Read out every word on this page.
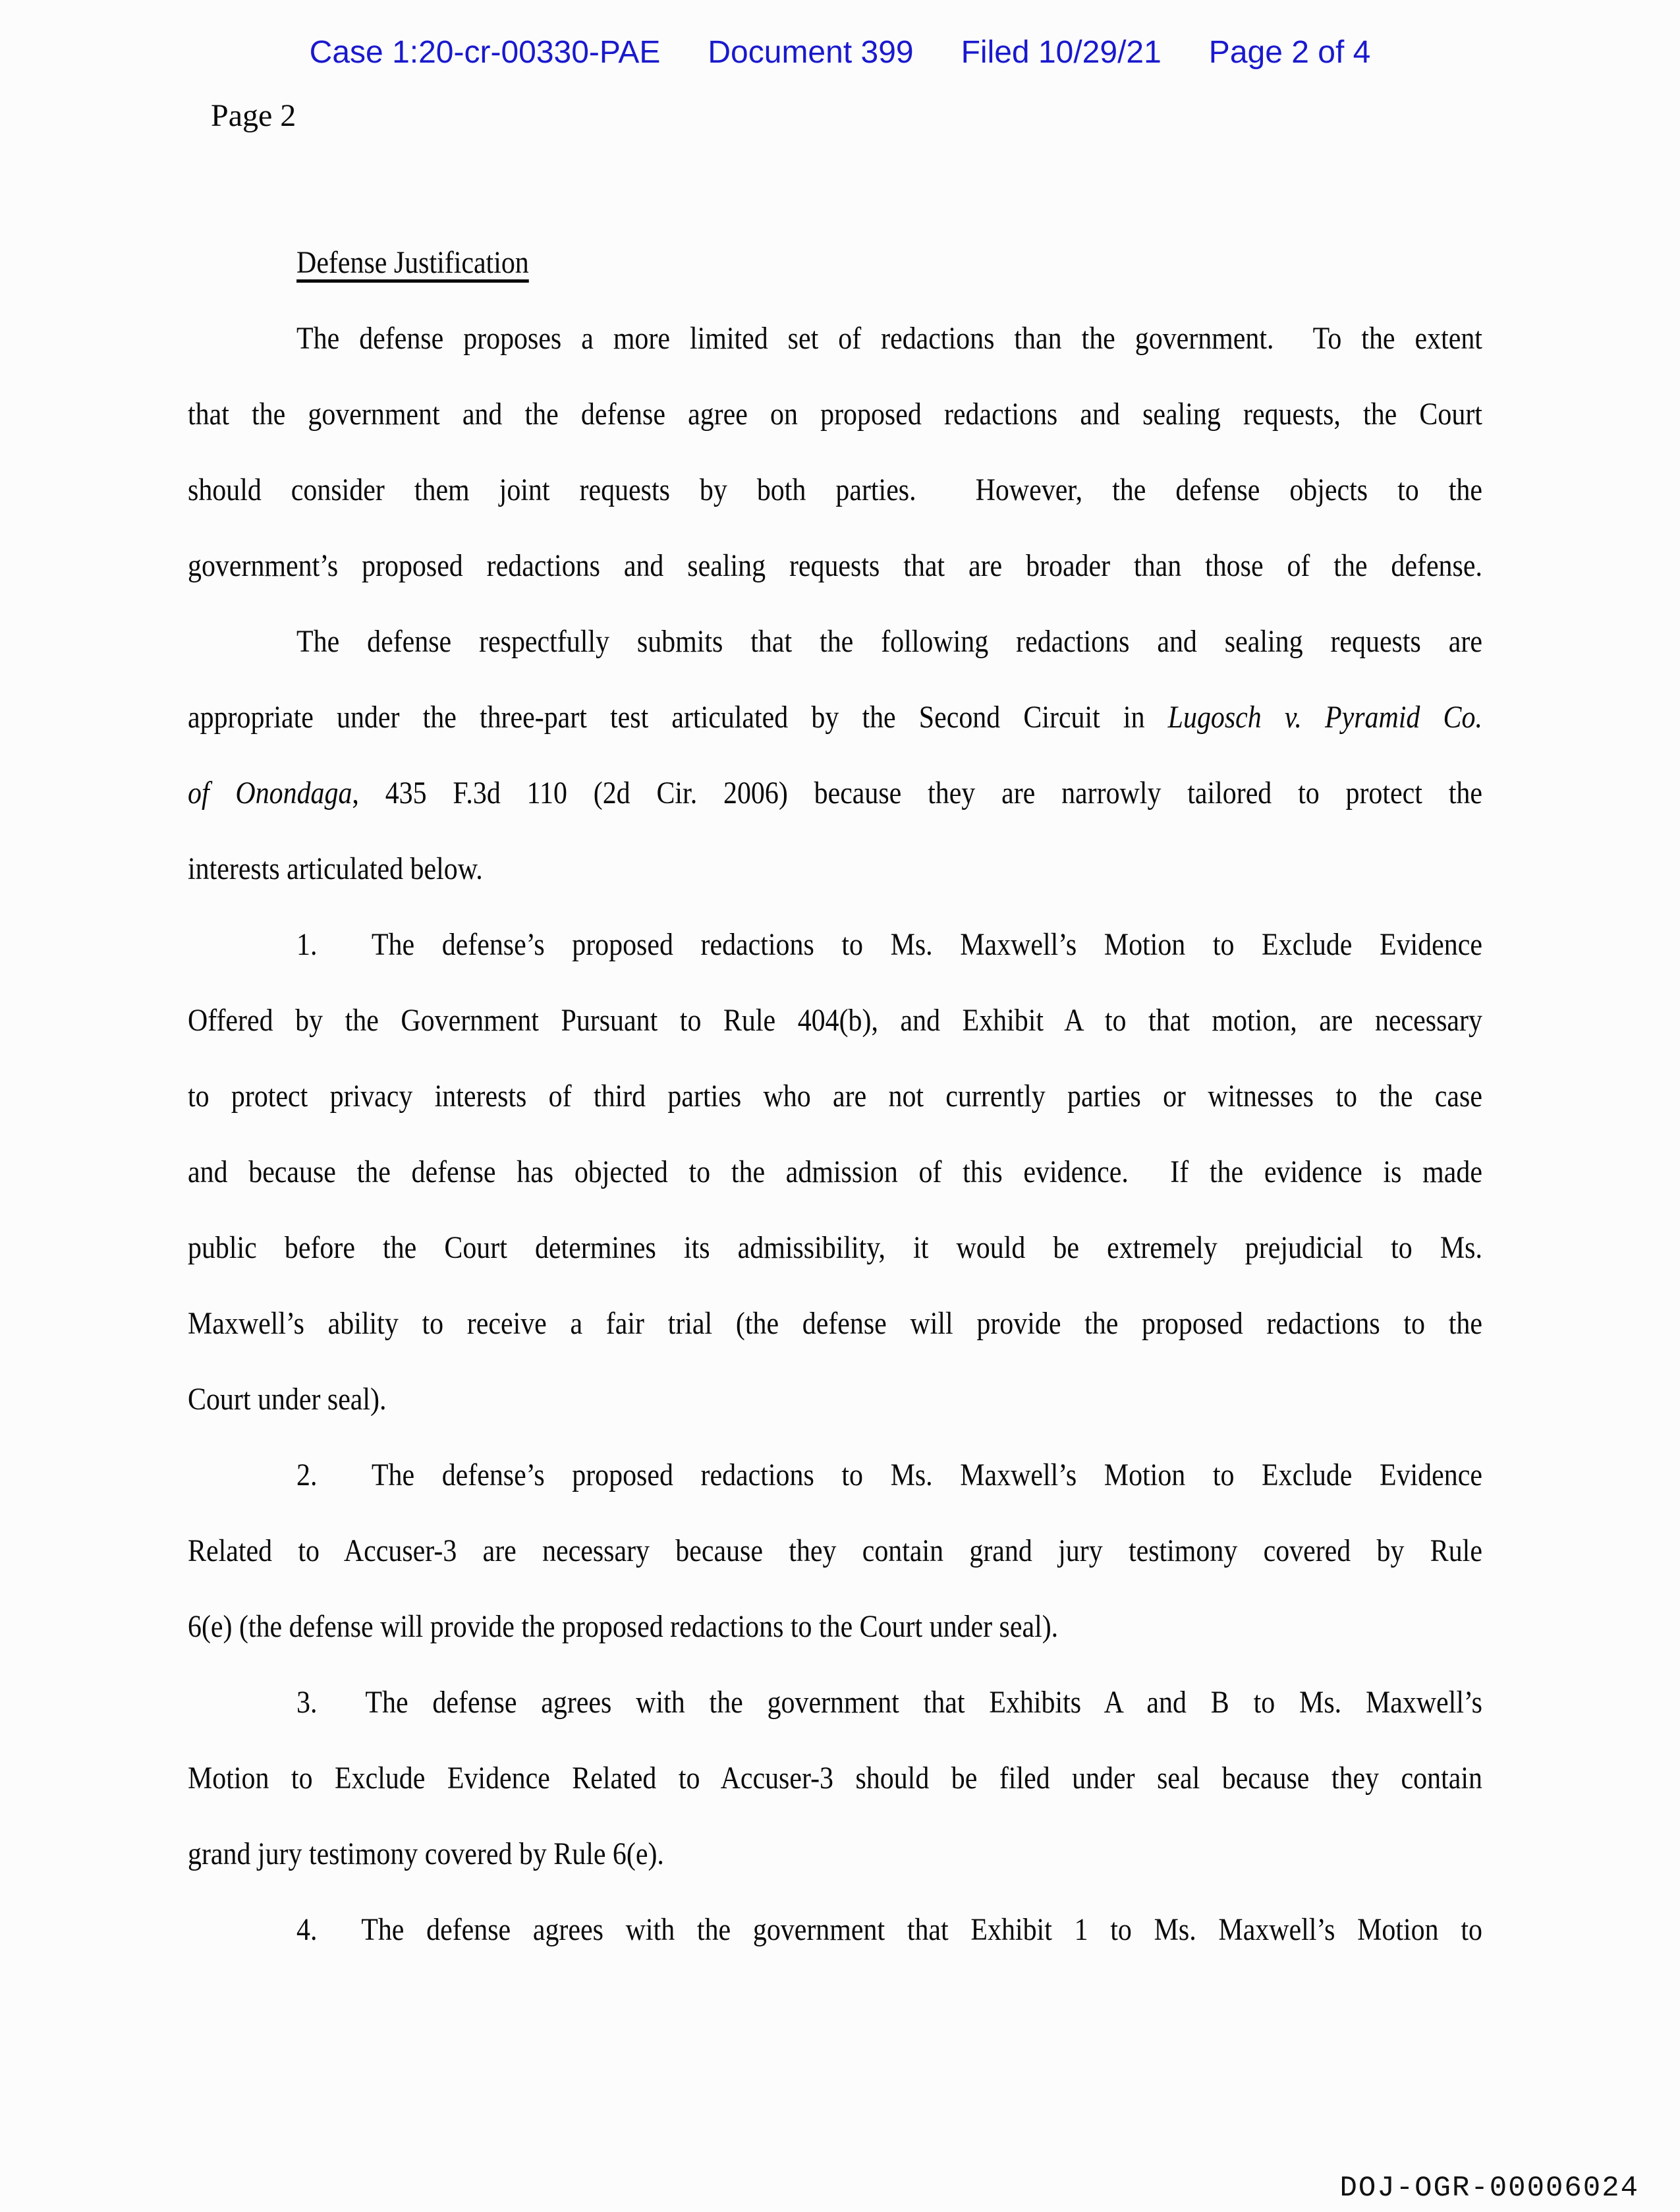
Case 1:20-cr-00330-PAE Document 399 Filed 10/29/21 Page 2 of 4
Page 2
Defense Justification
The defense proposes a more limited set of redactions than the government.  To the extent
that the government and the defense agree on proposed redactions and sealing requests, the Court
should consider them joint requests by both parties.  However, the defense objects to the
government’s proposed redactions and sealing requests that are broader than those of the defense.
The defense respectfully submits that the following redactions and sealing requests are
appropriate under the three-part test articulated by the Second Circuit in Lugosch v. Pyramid Co.
of Onondaga, 435 F.3d 110 (2d Cir. 2006) because they are narrowly tailored to protect the
interests articulated below.
1.  The defense’s proposed redactions to Ms. Maxwell’s Motion to Exclude Evidence
Offered by the Government Pursuant to Rule 404(b), and Exhibit A to that motion, are necessary
to protect privacy interests of third parties who are not currently parties or witnesses to the case
and because the defense has objected to the admission of this evidence.  If the evidence is made
public before the Court determines its admissibility, it would be extremely prejudicial to Ms.
Maxwell’s ability to receive a fair trial (the defense will provide the proposed redactions to the
Court under seal).
2.  The defense’s proposed redactions to Ms. Maxwell’s Motion to Exclude Evidence
Related to Accuser-3 are necessary because they contain grand jury testimony covered by Rule
6(e) (the defense will provide the proposed redactions to the Court under seal).
3.  The defense agrees with the government that Exhibits A and B to Ms. Maxwell’s
Motion to Exclude Evidence Related to Accuser-3 should be filed under seal because they contain
grand jury testimony covered by Rule 6(e).
4.  The defense agrees with the government that Exhibit 1 to Ms. Maxwell’s Motion to
DOJ-OGR-00006024
